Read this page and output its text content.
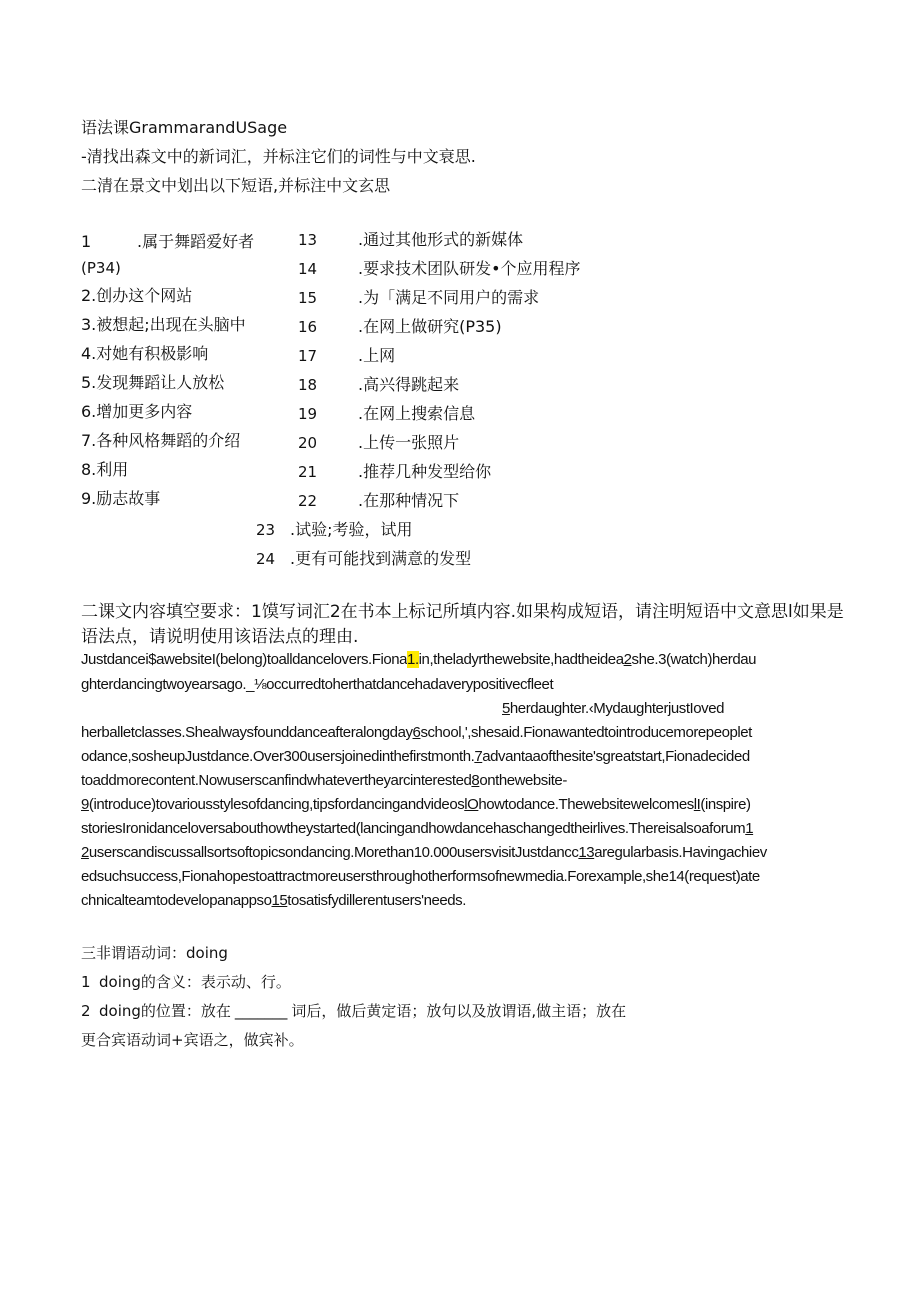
语法课GrammarandUSage
-清找出森文中的新词汇，并标注它们的词性与中文衰思.
二清在景文中划出以下短语,并标注中文玄思
1	.属于舞蹈爱好者
(P34)
2.创办这个网站
3.被想起;出现在头脑中
4.对她有积极影响
5.发现舞蹈让人放松
6.增加更多内容
7.各种风格舞蹈的介绍
8.利用
9.励志故事
13	.通过其他形式的新媒体
14	.要求技术团队研发•个应用程序
15	.为「满足不同用户的需求
16	.在网上做研究(P35)
17	.上网
18	.高兴得跳起来
19	.在网上搜索信息
20	.上传一张照片
21	.推荐几种发型给你
22	.在那种情况下
23 .试验;考验，试用
24 .更有可能找到满意的发型
二课文内容填空要求：1馍写词汇2在书本上标记所填内容.如果构成短语，请注明短语中文意思l如果是
语法点，请说明使用该语法点的理由.
Justdancei$awebsiteI(belong)toalldancelovers.Fiona1.in,theladyrthewebsite,hadtheidea2she.3(watch)herdau
ghterdancingtwoyearsago._⅛occurredtoherthatdancehadaverypositivecfleet
5herdaughter.‹MydaughterjustIoved
herballetclasses.Shealwaysfounddanceafteralongday6school,',shesaid.Fionawantedtointroducemorepeoplet
odance,sosheupJustdance.Over300usersjoinedinthefirstmonth.7advantaaofthesite'sgreatstart,Fionadecided
toaddmorecontent.Nowuserscanfindwhatevertheyarcinterested8onthewebsite-
9(introduce)tovariousstylesofdancing,tipsfordancingandvideoslOhowtodance.ThewebsitewelcomeslI(inspire)
storiesIronidanceloversabouthowtheystarted(lancingandhowdancehaschangedtheirlives.Thereisalsoaforum1
2userscandiscussallsortsoftopicsondancing.Morethan10.000usersvisitJustdancc13aregularbasis.Havingachiev
edsuchsuccess,Fionahopestoattractmoreusersthroughotherformsofnewmedia.Forexample,she14(request)ate
chnicalteamtodevelopanappso15tosatisfydillerentusers'needs.
三非谓语动词：doing
1 doing的含义：表示动、行。
2 doing的位置：放在 _______ 词后，做后黄定语；放句以及放谓语,做主语；放在
更合宾语动词+宾语之，做宾补。
